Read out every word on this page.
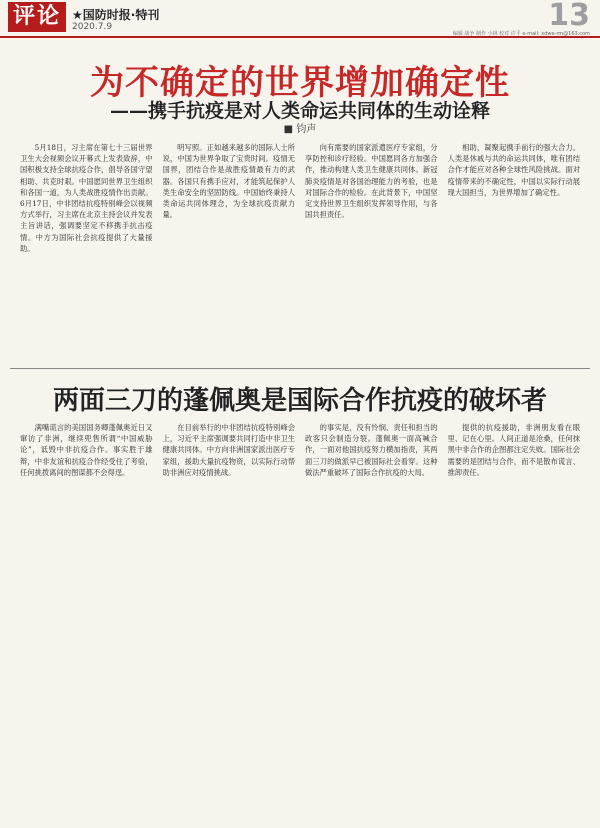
评论 ★国防时报·特刊
2020.7.9	13
编辑 战争 制作 小林 校对 许平 e-mail: xdwe-rm@163.com
为不确定的世界增加确定性
——携手抗疫是对人类命运共同体的生动诠释
■ 钧声

5月18日，习主席在第七十三届世界卫生大会视频会议开幕式上发表致辞，中国积极支持全球抗疫合作，倡导各国守望相助、共克时艰。中国愿同世界卫生组织和各国一道，为人类战胜疫情作出贡献。6月17日，中非团结抗疫特别峰会以视频方式举行，习主席在北京主持会议并发表主旨讲话，强调要坚定不移携手抗击疫情。中方为国际社会抗疫提供了大量援助。

明写照。正如越来越多的国际人士所说，中国为世界争取了宝贵时间。疫情无国界，团结合作是战胜疫情最有力的武器。各国只有携手应对，才能筑起保护人类生命安全的坚固防线。中国始终秉持人类命运共同体理念，为全球抗疫贡献力量。

向有需要的国家派遣医疗专家组，分享防控和诊疗经验。中国愿同各方加强合作，推动构建人类卫生健康共同体。新冠肺炎疫情是对各国治理能力的考验，也是对国际合作的检验。在此背景下，中国坚定支持世界卫生组织发挥领导作用，与各国共担责任。

相助，凝聚起携手前行的强大合力。人类是休戚与共的命运共同体，唯有团结合作才能应对各种全球性风险挑战。面对疫情带来的不确定性，中国以实际行动展现大国担当，为世界增加了确定性。

两面三刀的蓬佩奥是国际合作抗疫的破坏者

满嘴谎言的美国国务卿蓬佩奥近日又窜访了非洲，继续兜售所谓“中国威胁论”，诋毁中非抗疫合作。事实胜于雄辩，中非友谊和抗疫合作经受住了考验，任何挑拨离间的图谋都不会得逞。

在目前举行的中非团结抗疫特别峰会上，习近平主席强调要共同打造中非卫生健康共同体。中方向非洲国家派出医疗专家组，援助大量抗疫物资，以实际行动帮助非洲应对疫情挑战。

的事实是，没有怜悯、责任和担当的政客只会制造分裂。蓬佩奥一面高喊合作，一面对他国抗疫努力横加指责，其两面三刀的做派早已被国际社会看穿。这种做法严重破坏了国际合作抗疫的大局。

提供的抗疫援助，非洲朋友看在眼里、记在心里。人间正道是沧桑，任何抹黑中非合作的企图都注定失败。国际社会需要的是团结与合作，而不是散布谎言、推卸责任。
